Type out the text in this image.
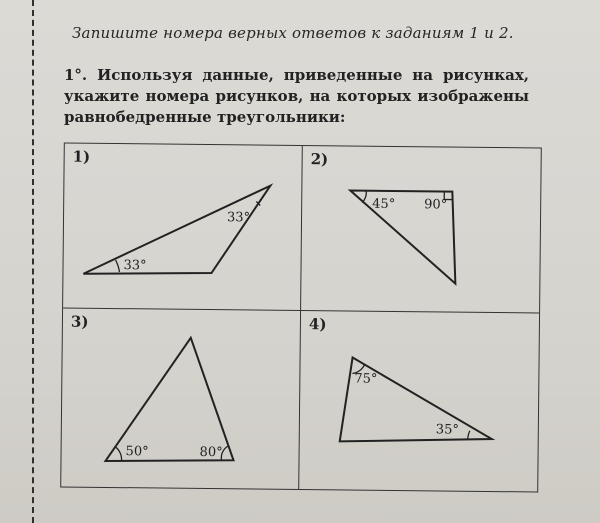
Запишите номера верных ответов к заданиям 1 и 2.
1°. Используя данные, приведенные на рисунках, укажите номера рисунков, на которых изображены равнобедренные треугольники:
1)
33°
33°
2)
45° 90°
3)
50°	80°
4)
75°
35°
